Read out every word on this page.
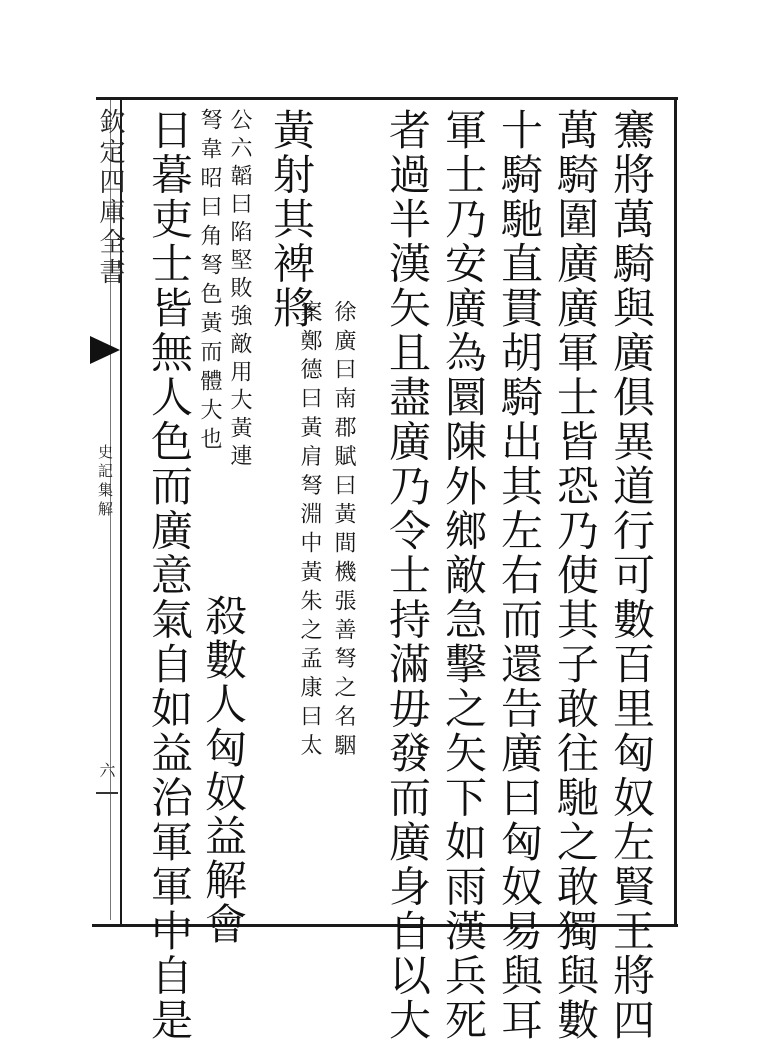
欽定四庫全書
史記集解
六	騫將萬騎與廣俱異道行可數百里匈奴左賢王將四
萬騎圍廣廣軍士皆恐乃使其子敢往馳之敢獨與數
十騎馳直貫胡騎出其左右而還告廣曰匈奴易與耳
軍士乃安廣為圜陳外鄉敵急擊之矢下如雨漢兵死
者過半漢矢且盡廣乃令士持滿毋發而廣身自以大
黃射其裨將
徐廣曰南郡賦曰黃間機張善弩之名駰
案鄭德曰黃肩弩淵中黃朱之孟康曰太
公六韜曰陷堅敗強敵用大黃連
弩韋昭曰角弩色黃而體大也
殺數人匈奴益解會
日暮吏士皆無人色而廣意氣自如益治軍軍中自是
